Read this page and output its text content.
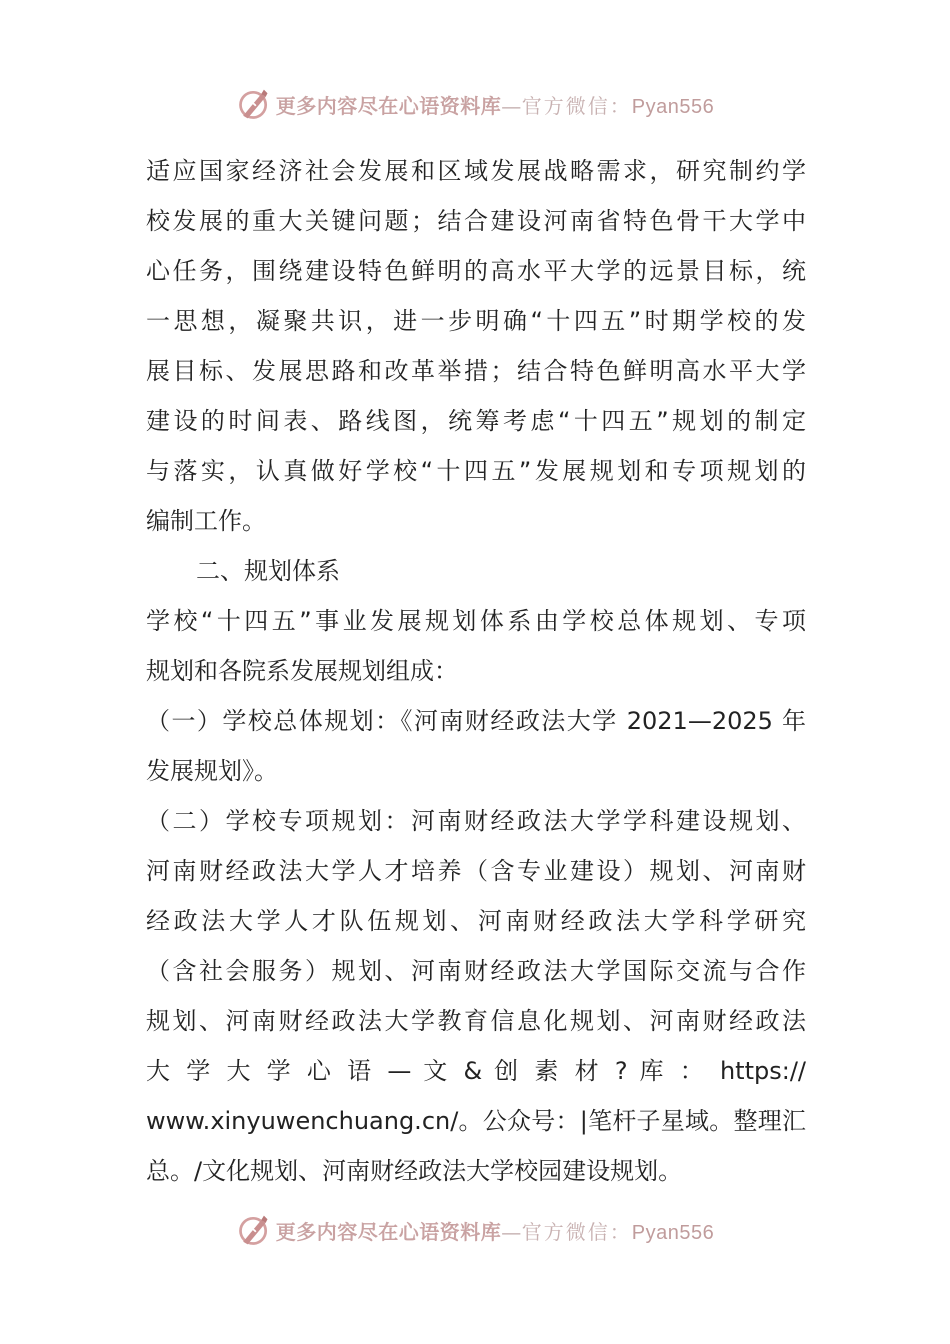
更多内容尽在心语资料库—官方微信：Pyan556
适应国家经济社会发展和区域发展战略需求，研究制约学
校发展的重大关键问题；结合建设河南省特色骨干大学中
心任务，围绕建设特色鲜明的高水平大学的远景目标，统
一思想，凝聚共识，进一步明确“十四五”时期学校的发
展目标、发展思路和改革举措；结合特色鲜明高水平大学
建设的时间表、路线图，统筹考虑“十四五”规划的制定
与落实，认真做好学校“十四五”发展规划和专项规划的
编制工作。
二、规划体系
学校“十四五”事业发展规划体系由学校总体规划、专项
规划和各院系发展规划组成：
（一）学校总体规划：《河南财经政法大学 2021—2025 年
发展规划》。
（二）学校专项规划：河南财经政法大学学科建设规划、
河南财经政法大学人才培养（含专业建设）规划、河南财
经政法大学人才队伍规划、河南财经政法大学科学研究
（含社会服务）规划、河南财经政法大学国际交流与合作
规划、河南财经政法大学教育信息化规划、河南财经政法
大 学 大 学 心 语 — 文 & 创 素 材 ? 库 ： https://
www.xinyuwenchuang.cn/。公众号：|笔杆子星域。整理汇
总。/文化规划、河南财经政法大学校园建设规划。
更多内容尽在心语资料库—官方微信：Pyan556
